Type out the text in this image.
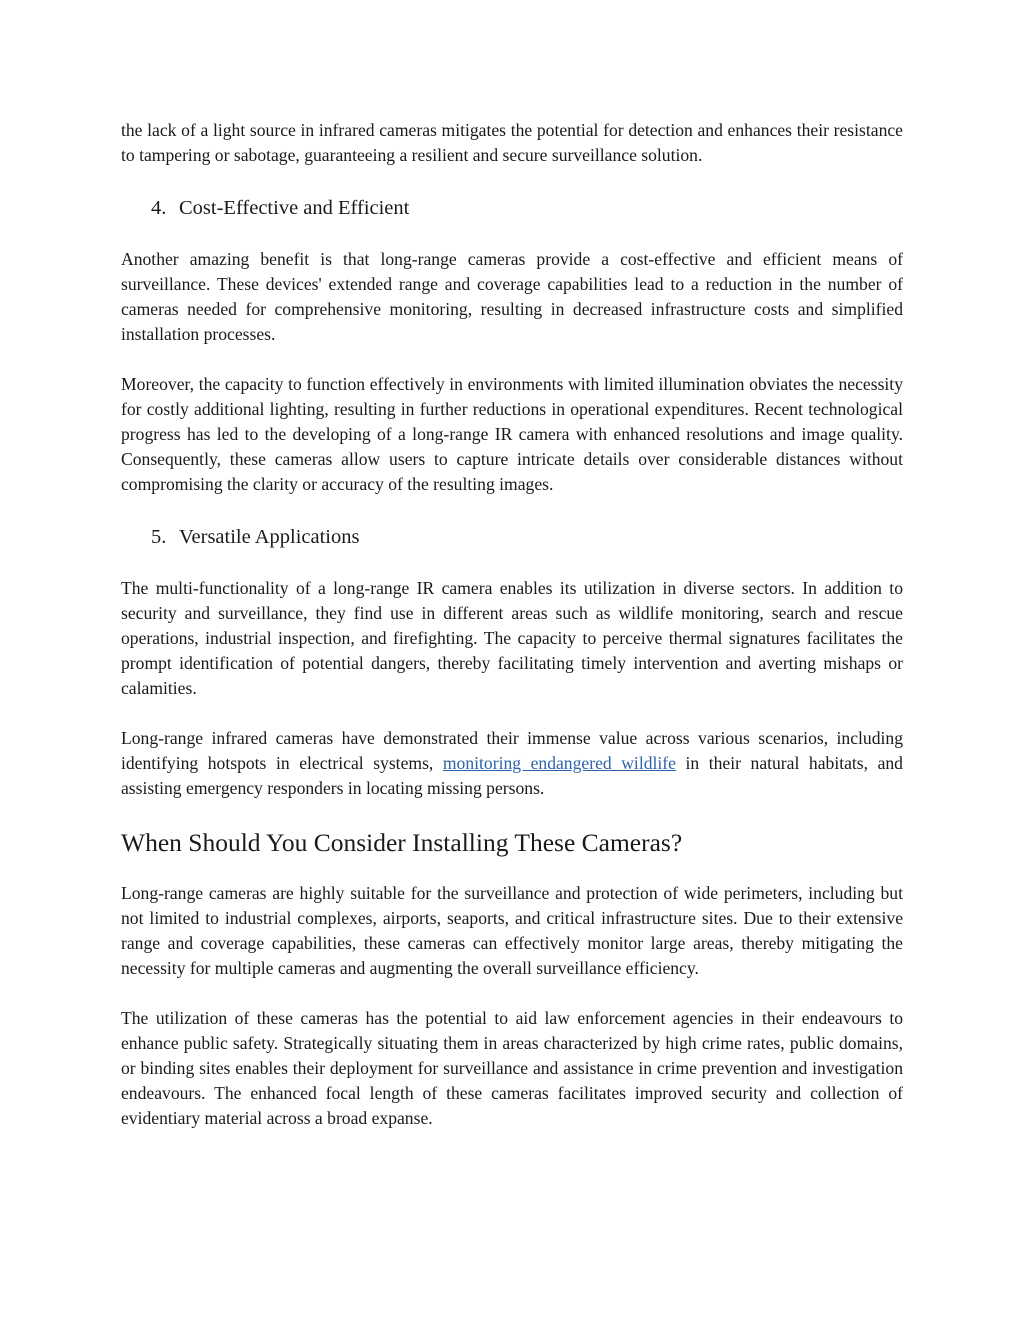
the lack of a light source in infrared cameras mitigates the potential for detection and enhances their resistance to tampering or sabotage, guaranteeing a resilient and secure surveillance solution.

4. Cost-Effective and Efficient

Another amazing benefit is that long-range cameras provide a cost-effective and efficient means of surveillance. These devices' extended range and coverage capabilities lead to a reduction in the number of cameras needed for comprehensive monitoring, resulting in decreased infrastructure costs and simplified installation processes.

Moreover, the capacity to function effectively in environments with limited illumination obviates the necessity for costly additional lighting, resulting in further reductions in operational expenditures. Recent technological progress has led to the developing of a long-range IR camera with enhanced resolutions and image quality. Consequently, these cameras allow users to capture intricate details over considerable distances without compromising the clarity or accuracy of the resulting images.

5. Versatile Applications

The multi-functionality of a long-range IR camera enables its utilization in diverse sectors. In addition to security and surveillance, they find use in different areas such as wildlife monitoring, search and rescue operations, industrial inspection, and firefighting. The capacity to perceive thermal signatures facilitates the prompt identification of potential dangers, thereby facilitating timely intervention and averting mishaps or calamities.

Long-range infrared cameras have demonstrated their immense value across various scenarios, including identifying hotspots in electrical systems, monitoring endangered wildlife in their natural habitats, and assisting emergency responders in locating missing persons.

When Should You Consider Installing These Cameras?

Long-range cameras are highly suitable for the surveillance and protection of wide perimeters, including but not limited to industrial complexes, airports, seaports, and critical infrastructure sites. Due to their extensive range and coverage capabilities, these cameras can effectively monitor large areas, thereby mitigating the necessity for multiple cameras and augmenting the overall surveillance efficiency.

The utilization of these cameras has the potential to aid law enforcement agencies in their endeavours to enhance public safety. Strategically situating them in areas characterized by high crime rates, public domains, or binding sites enables their deployment for surveillance and assistance in crime prevention and investigation endeavours. The enhanced focal length of these cameras facilitates improved security and collection of evidentiary material across a broad expanse.
